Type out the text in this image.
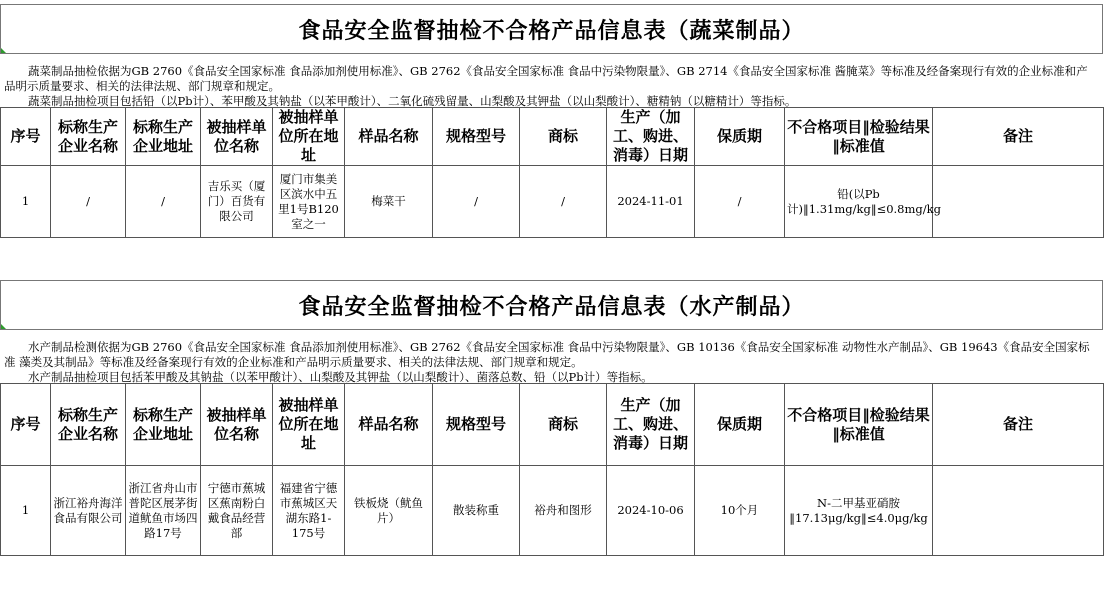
食品安全监督抽检不合格产品信息表（蔬菜制品）

蔬菜制品抽检依据为GB 2760《食品安全国家标准 食品添加剂使用标准》、GB 2762《食品安全国家标准 食品中污染物限量》、GB 2714《食品安全国家标准 酱腌菜》等标准及经备案现行有效的企业标准和产品明示质量要求、相关的法律法规、部门规章和规定。

蔬菜制品抽检项目包括铅（以Pb计）、苯甲酸及其钠盐（以苯甲酸计）、二氧化硫残留量、山梨酸及其钾盐（以山梨酸计）、糖精钠（以糖精计）等指标。

序号	标称生产企业名称	标称生产企业地址	被抽样单位名称	被抽样单位所在地址	样品名称	规格型号	商标	生产（加工、购进、消毒）日期	保质期	不合格项目‖检验结果‖标准值	备注
1	/	/	吉乐买（厦门）百货有限公司	厦门市集美区滨水中五里1号B120室之一	梅菜干	/	/	2024-11-01	/	铅(以Pb计)‖1.31mg/kg‖≤0.8mg/kg	
食品安全监督抽检不合格产品信息表（水产制品）

水产制品检测依据为GB 2760《食品安全国家标准 食品添加剂使用标准》、GB 2762《食品安全国家标准 食品中污染物限量》、GB 10136《食品安全国家标准 动物性水产制品》、GB 19643《食品安全国家标准 藻类及其制品》等标准及经备案现行有效的企业标准和产品明示质量要求、相关的法律法规、部门规章和规定。

水产制品抽检项目包括苯甲酸及其钠盐（以苯甲酸计）、山梨酸及其钾盐（以山梨酸计）、菌落总数、铅（以Pb计）等指标。

序号	标称生产企业名称	标称生产企业地址	被抽样单位名称	被抽样单位所在地址	样品名称	规格型号	商标	生产（加工、购进、消毒）日期	保质期	不合格项目‖检验结果‖标准值	备注
1	浙江裕舟海洋食品有限公司	浙江省舟山市普陀区展茅街道鱿鱼市场四路17号	宁德市蕉城区蕉南粉白戴食品经营部	福建省宁德市蕉城区天湖东路1-175号	铁板烧（鱿鱼片）	散装称重	裕舟和图形	2024-10-06	10个月	N-二甲基亚硝胺‖17.13μg/kg‖≤4.0μg/kg	
